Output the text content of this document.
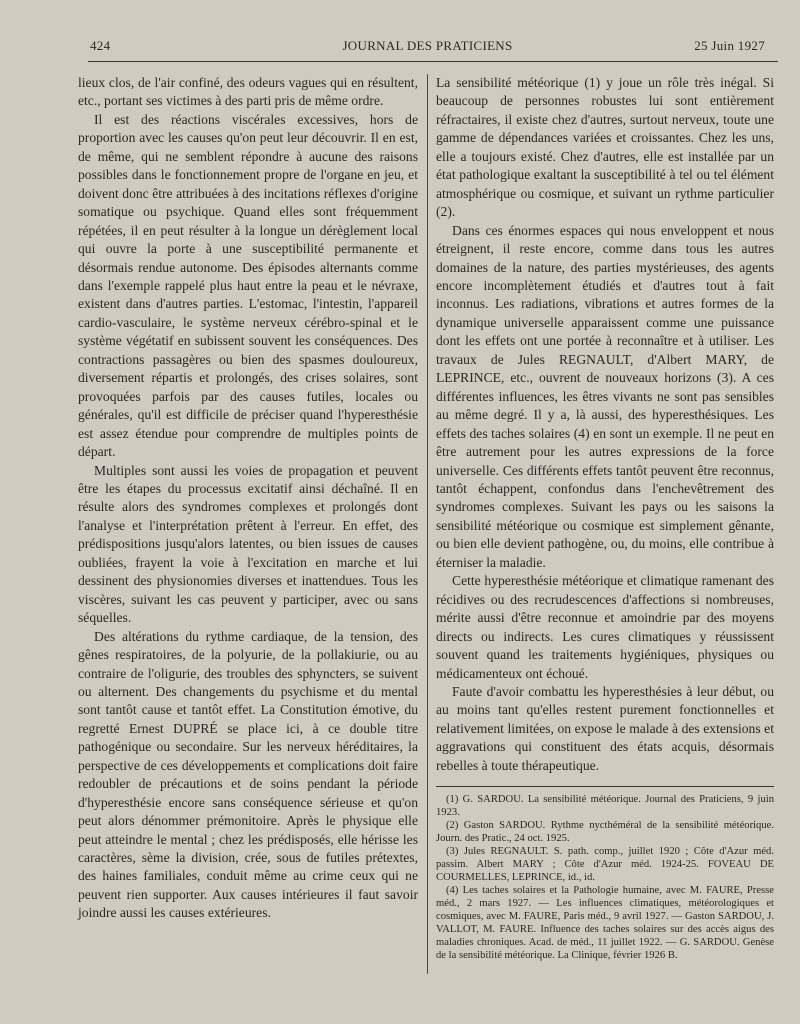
424	JOURNAL DES PRATICIENS	25 Juin 1927

lieux clos, de l'air confiné, des odeurs vagues qui en résultent, etc., portant ses victimes à des parti pris de même ordre.

Il est des réactions viscérales excessives, hors de proportion avec les causes qu'on peut leur découvrir. Il en est, de même, qui ne semblent répondre à aucune des raisons possibles dans le fonctionnement propre de l'organe en jeu, et doivent donc être attribuées à des incitations réflexes d'origine somatique ou psychique. Quand elles sont fréquemment répétées, il en peut résulter à la longue un dérèglement local qui ouvre la porte à une susceptibilité permanente et désormais rendue autonome. Des épisodes alternants comme dans l'exemple rappelé plus haut entre la peau et le névraxe, existent dans d'autres parties. L'estomac, l'intestin, l'appareil cardio-vasculaire, le système nerveux cérébro-spinal et le système végétatif en subissent souvent les conséquences. Des contractions passagères ou bien des spasmes douloureux, diversement répartis et prolongés, des crises solaires, sont provoquées parfois par des causes futiles, locales ou générales, qu'il est difficile de préciser quand l'hyperesthésie est assez étendue pour comprendre de multiples points de départ.

Multiples sont aussi les voies de propagation et peuvent être les étapes du processus excitatif ainsi déchaîné. Il en résulte alors des syndromes complexes et prolongés dont l'analyse et l'interprétation prêtent à l'erreur. En effet, des prédispositions jusqu'alors latentes, ou bien issues de causes oubliées, frayent la voie à l'excitation en marche et lui dessinent des physionomies diverses et inattendues. Tous les viscères, suivant les cas peuvent y participer, avec ou sans séquelles.

Des altérations du rythme cardiaque, de la tension, des gênes respiratoires, de la polyurie, de la pollakiurie, ou au contraire de l'oligurie, des troubles des sphyncters, se suivent ou alternent. Des changements du psychisme et du mental sont tantôt cause et tantôt effet. La Constitution émotive, du regretté Ernest DUPRÉ se place ici, à ce double titre pathogénique ou secondaire. Sur les nerveux héréditaires, la perspective de ces développements et complications doit faire redoubler de précautions et de soins pendant la période d'hyperesthésie encore sans conséquence sérieuse et qu'on peut alors dénommer prémonitoire. Après le physique elle peut atteindre le mental ; chez les prédisposés, elle hérisse les caractères, sème la division, crée, sous de futiles prétextes, des haines familiales, conduit même au crime ceux qui ne peuvent rien supporter. Aux causes intérieures il faut savoir joindre aussi les causes extérieures.

La sensibilité météorique (1) y joue un rôle très inégal. Si beaucoup de personnes robustes lui sont entièrement réfractaires, il existe chez d'autres, surtout nerveux, toute une gamme de dépendances variées et croissantes. Chez les uns, elle a toujours existé. Chez d'autres, elle est installée par un état pathologique exaltant la susceptibilité à tel ou tel élément atmosphérique ou cosmique, et suivant un rythme particulier (2).

Dans ces énormes espaces qui nous enveloppent et nous étreignent, il reste encore, comme dans tous les autres domaines de la nature, des parties mystérieuses, des agents encore incomplètement étudiés et d'autres tout à fait inconnus. Les radiations, vibrations et autres formes de la dynamique universelle apparaissent comme une puissance dont les effets ont une portée à reconnaître et à utiliser. Les travaux de Jules REGNAULT, d'Albert MARY, de LEPRINCE, etc., ouvrent de nouveaux horizons (3). A ces différentes influences, les êtres vivants ne sont pas sensibles au même degré. Il y a, là aussi, des hyperesthésiques. Les effets des taches solaires (4) en sont un exemple. Il ne peut en être autrement pour les autres expressions de la force universelle. Ces différents effets tantôt peuvent être reconnus, tantôt échappent, confondus dans l'enchevêtrement des syndromes complexes. Suivant les pays ou les saisons la sensibilité météorique ou cosmique est simplement gênante, ou bien elle devient pathogène, ou, du moins, elle contribue à éterniser la maladie.

Cette hyperesthésie météorique et climatique ramenant des récidives ou des recrudescences d'affections si nombreuses, mérite aussi d'être reconnue et amoindrie par des moyens directs ou indirects. Les cures climatiques y réussissent souvent quand les traitements hygiéniques, physiques ou médicamenteux ont échoué.

Faute d'avoir combattu les hyperesthésies à leur début, ou au moins tant qu'elles restent purement fonctionnelles et relativement limitées, on expose le malade à des extensions et aggravations qui constituent des états acquis, désormais rebelles à toute thérapeutique.

(1) G. SARDOU. La sensibilité météorique. Journal des Praticiens, 9 juin 1923.

(2) Gaston SARDOU. Rythme nycthéméral de la sensibilité météorique. Journ. des Pratic., 24 oct. 1925.

(3) Jules REGNAULT. S. path. comp., juillet 1920 ; Côte d'Azur méd. passim. Albert MARY ; Côte d'Azur méd. 1924-25. FOVEAU DE COURMELLES, LEPRINCE, id., id.

(4) Les taches solaires et la Pathologie humaine, avec M. FAURE, Presse méd., 2 mars 1927. — Les influences climatiques, météorologiques et cosmiques, avec M. FAURE, Paris méd., 9 avril 1927. — Gaston SARDOU, J. VALLOT, M. FAURE. Influence des taches solaires sur des accès aigus des maladies chroniques. Acad. de méd., 11 juillet 1922. — G. SARDOU. Genèse de la sensibilité météorique. La Clinique, février 1926 B.
